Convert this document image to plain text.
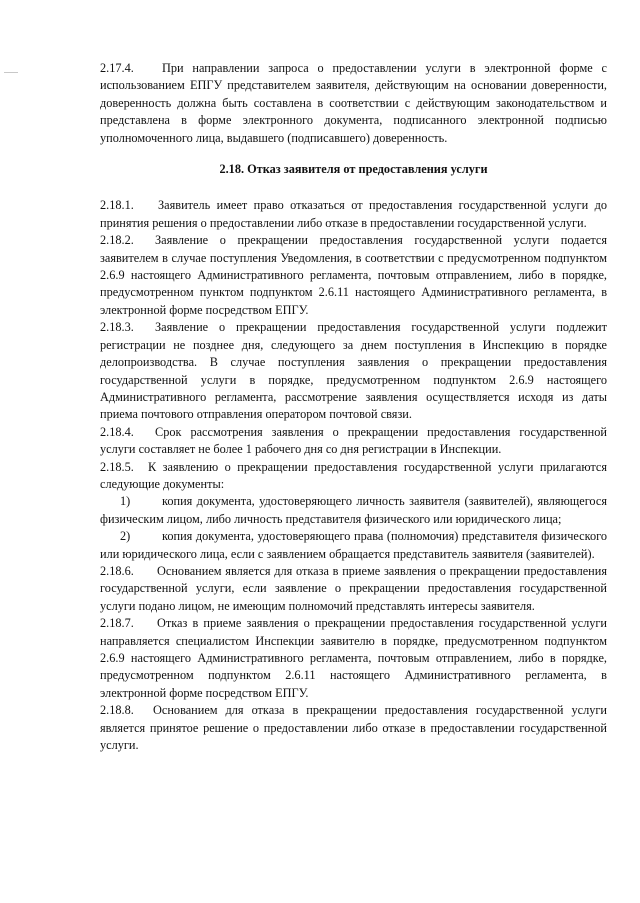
2.17.4. При направлении запроса о предоставлении услуги в электронной форме с использованием ЕПГУ представителем заявителя, действующим на основании доверенности, доверенность должна быть составлена в соответствии с действующим законодательством и представлена в форме электронного документа, подписанного электронной подписью уполномоченного лица, выдавшего (подписавшего) доверенность.

2.18. Отказ заявителя от предоставления услуги

2.18.1. Заявитель имеет право отказаться от предоставления государственной услуги до принятия решения о предоставлении либо отказе в предоставлении государственной услуги.

2.18.2. Заявление о прекращении предоставления государственной услуги подается заявителем в случае поступления Уведомления, в соответствии с предусмотренном подпунктом 2.6.9 настоящего Административного регламента, почтовым отправлением, либо в порядке, предусмотренном пунктом подпунктом 2.6.11 настоящего Административного регламента, в электронной форме посредством ЕПГУ.

2.18.3. Заявление о прекращении предоставления государственной услуги подлежит регистрации не позднее дня, следующего за днем поступления в Инспекцию в порядке делопроизводства. В случае поступления заявления о прекращении предоставления государственной услуги в порядке, предусмотренном подпунктом 2.6.9 настоящего Административного регламента, рассмотрение заявления осуществляется исходя из даты приема почтового отправления оператором почтовой связи.

2.18.4. Срок рассмотрения заявления о прекращении предоставления государственной услуги составляет не более 1 рабочего дня со дня регистрации в Инспекции.

2.18.5. К заявлению о прекращении предоставления государственной услуги прилагаются следующие документы:

1)	копия документа, удостоверяющего личность заявителя (заявителей), являющегося физическим лицом, либо личность представителя физического или юридического лица;

2)	копия документа, удостоверяющего права (полномочия) представителя физического или юридического лица, если с заявлением обращается представитель заявителя (заявителей).

2.18.6. Основанием является для отказа в приеме заявления о прекращении предоставления государственной услуги, если заявление о прекращении предоставления государственной услуги подано лицом, не имеющим полномочий представлять интересы заявителя.

2.18.7. Отказ в приеме заявления о прекращении предоставления государственной услуги направляется специалистом Инспекции заявителю в порядке, предусмотренном подпунктом 2.6.9 настоящего Административного регламента, почтовым отправлением, либо в порядке, предусмотренном подпунктом 2.6.11 настоящего Административного регламента, в электронной форме посредством ЕПГУ.

2.18.8. Основанием для отказа в прекращении предоставления государственной услуги является принятое решение о предоставлении либо отказе в предоставлении государственной услуги.
